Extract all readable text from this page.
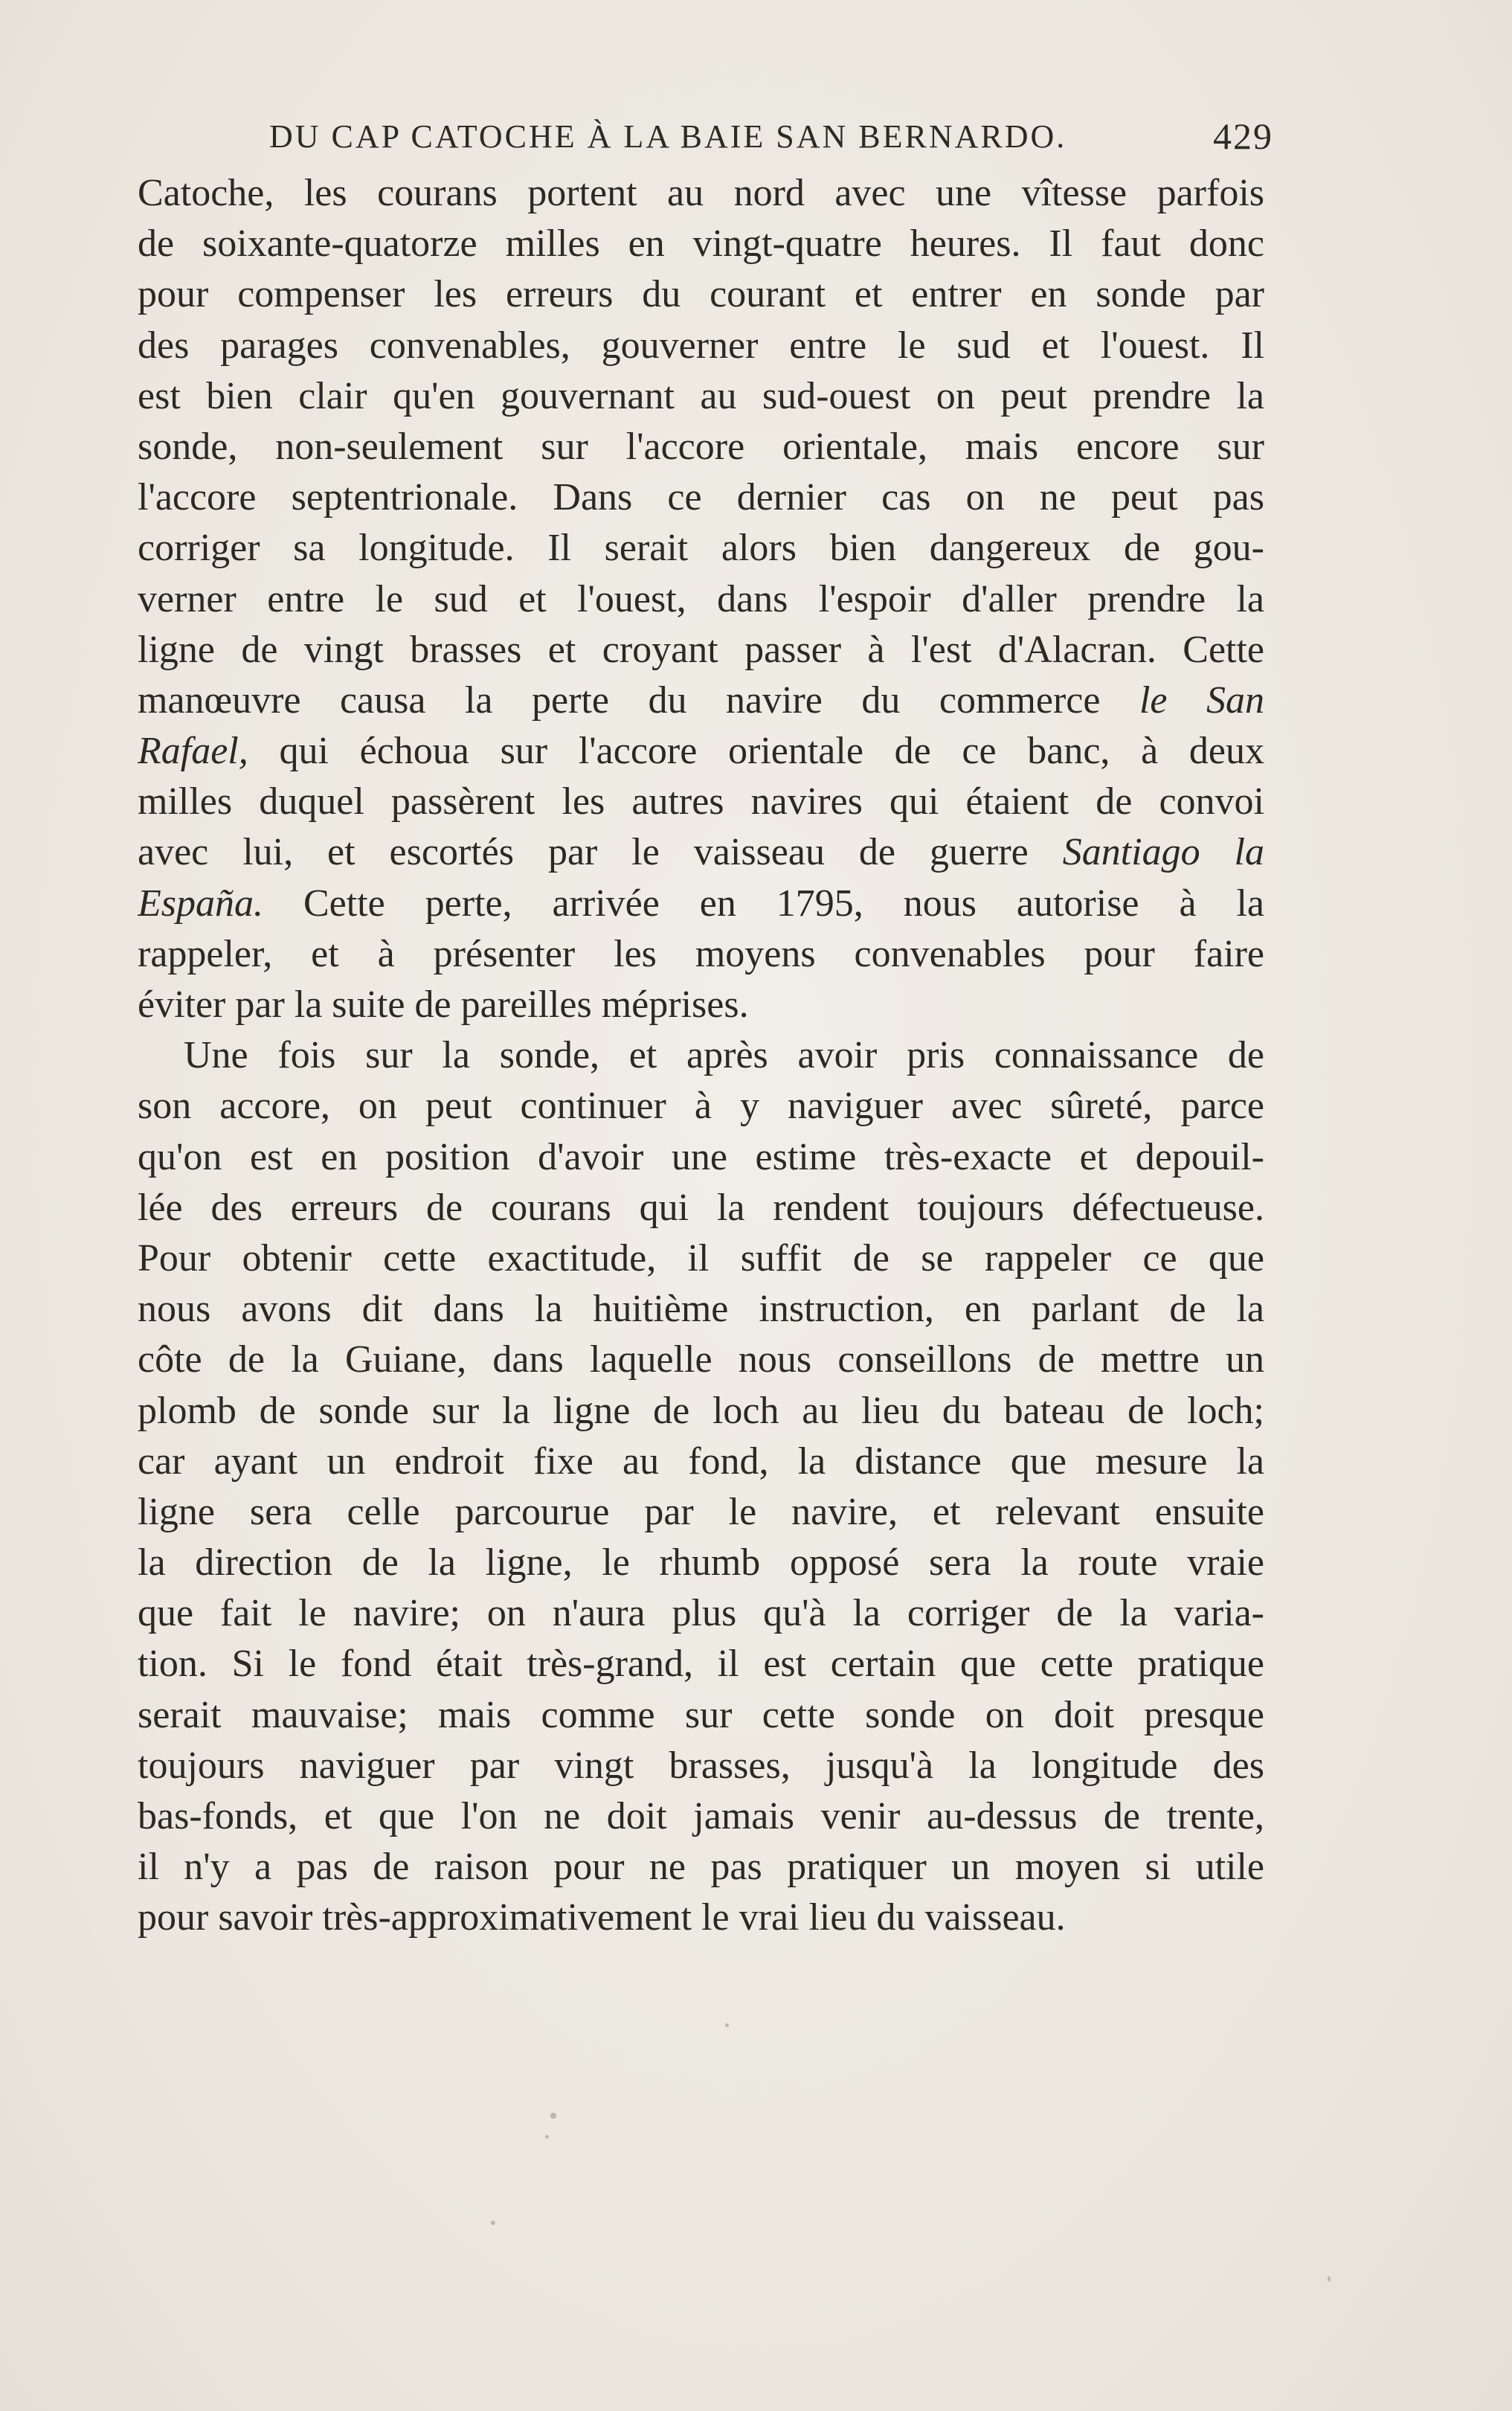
DU CAP CATOCHE À LA BAIE SAN BERNARDO.	429
Catoche, les courans portent au nord avec une vîtesse parfois
de soixante-quatorze milles en vingt-quatre heures. Il faut donc
pour compenser les erreurs du courant et entrer en sonde par
des parages convenables, gouverner entre le sud et l'ouest. Il
est bien clair qu'en gouvernant au sud-ouest on peut prendre la
sonde, non-seulement sur l'accore orientale, mais encore sur
l'accore septentrionale. Dans ce dernier cas on ne peut pas
corriger sa longitude. Il serait alors bien dangereux de gou-
verner entre le sud et l'ouest, dans l'espoir d'aller prendre la
ligne de vingt brasses et croyant passer à l'est d'Alacran. Cette
manœuvre causa la perte du navire du commerce le San
Rafael, qui échoua sur l'accore orientale de ce banc, à deux
milles duquel passèrent les autres navires qui étaient de convoi
avec lui, et escortés par le vaisseau de guerre Santiago la
España. Cette perte, arrivée en 1795, nous autorise à la
rappeler, et à présenter les moyens convenables pour faire
éviter par la suite de pareilles méprises.
Une fois sur la sonde, et après avoir pris connaissance de
son accore, on peut continuer à y naviguer avec sûreté, parce
qu'on est en position d'avoir une estime très-exacte et depouil-
lée des erreurs de courans qui la rendent toujours défectueuse.
Pour obtenir cette exactitude, il suffit de se rappeler ce que
nous avons dit dans la huitième instruction, en parlant de la
côte de la Guiane, dans laquelle nous conseillons de mettre un
plomb de sonde sur la ligne de loch au lieu du bateau de loch;
car ayant un endroit fixe au fond, la distance que mesure la
ligne sera celle parcourue par le navire, et relevant ensuite
la direction de la ligne, le rhumb opposé sera la route vraie
que fait le navire; on n'aura plus qu'à la corriger de la varia-
tion. Si le fond était très-grand, il est certain que cette pratique
serait mauvaise; mais comme sur cette sonde on doit presque
toujours naviguer par vingt brasses, jusqu'à la longitude des
bas-fonds, et que l'on ne doit jamais venir au-dessus de trente,
il n'y a pas de raison pour ne pas pratiquer un moyen si utile
pour savoir très-approximativement le vrai lieu du vaisseau.
